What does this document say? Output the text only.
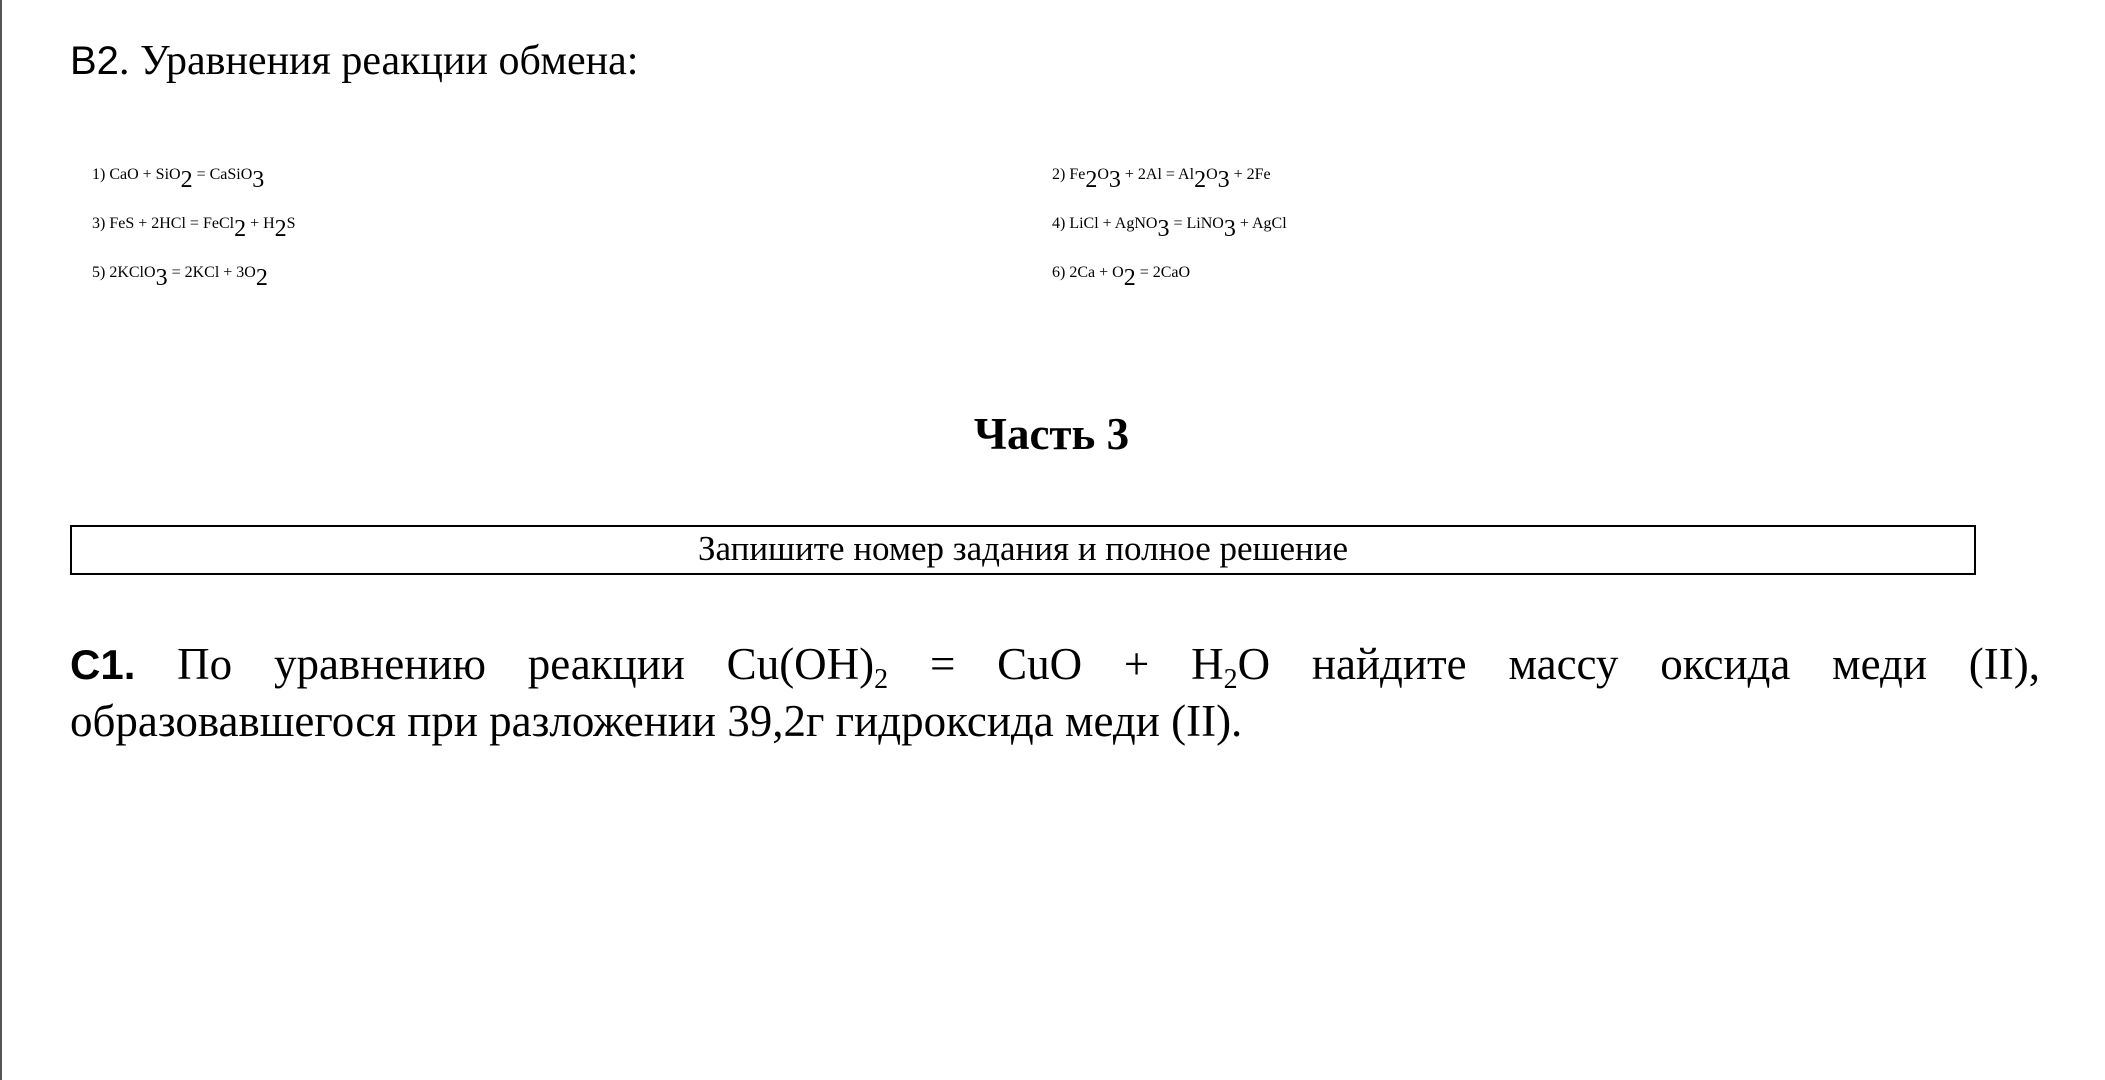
B2. Уравнения реакции обмена:
1) CaO + SiO$_2$ = CaSiO$_3$	2) $Fe_2O_3 + 2Al = Al_2O_3 + 2Fe$
3) FeS + 2HCl = FeCl$_2$ + $H_2S$	4) LiCl + AgNO$_3$ = LiNO$_3$ + AgCl
5) 2KClO$_3$ = $2KCl + 3O_2$	6) $2Ca + O_2 = 2CaO$
Часть 3
Запишите номер задания и полное решение
С1. По уравнению реакции $Cu(OH)_2$ = CuO + $H_2O$ найдите массу оксида меди (II),
образовавшегося при разложении 39,2г гидроксида меди (II).
